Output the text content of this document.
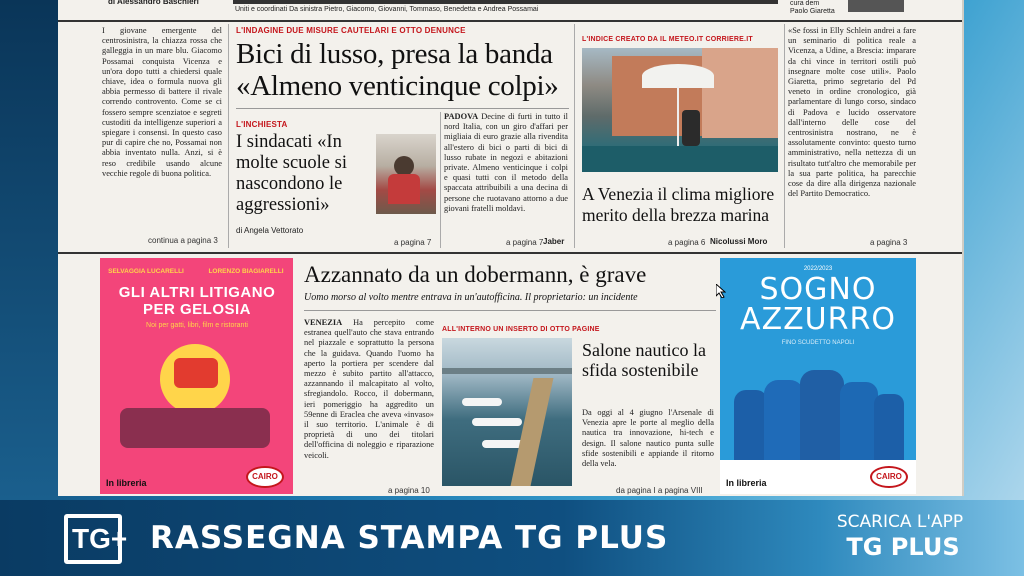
di Alessandro Baschieri
Uniti e coordinati Da sinistra Pietro, Giacomo, Giovanni, Tommaso, Benedetta e Andrea Possamai
cura dem
Paolo Giaretta
I giovane emergente del centrosinistra, la chiazza rossa che galleggia in un mare blu. Giacomo Possamai conquista Vicenza e un'ora dopo tutti a chiedersi quale chiave, idea o formula nuova gli abbia permesso di battere il rivale correndo controvento. Come se ci fossero sempre scenziatoe e segreti custoditi da intelligenze superiori a spiegare i consensi. In questo caso pur di capire che no, Possamai non abbia inventato nulla. Anzi, si è reso credibile usando alcune vecchie regole di buona politica.
continua a pagina 3
L'INDAGINE DUE MISURE CAUTELARI E OTTO DENUNCE
Bici di lusso, presa la banda
«Almeno venticinque colpi»
L'INCHIESTA
I sindacati «In molte scuole si nascondono le aggressioni»
di Angela Vettorato
a pagina 7
PADOVA Decine di furti in tutto il nord Italia, con un giro d'affari per migliaia di euro grazie alla rivendita all'estero di bici o parti di bici di lusso rubate in negozi e abitazioni private. Almeno venticinque i colpi e quasi tutti con il metodo della spaccata attribuibili a una decina di persone che ruotavano attorno a due giovani fratelli moldavi.
a pagina 7 Jaber
L'INDICE CREATO DA IL METEO.IT CORRIERE.IT
A Venezia il clima migliore merito della brezza marina
a pagina 6 Nicolussi Moro
«Se fossi in Elly Schlein andrei a fare un seminario di politica reale a Vicenza, a Udine, a Brescia: imparare da chi vince in territori ostili può insegnare molte cose utili». Paolo Giaretta, primo segretario del Pd veneto in ordine cronologico, già parlamentare di lungo corso, sindaco di Padova e lucido osservatore dall'interno delle cose del centrosinistra nostrano, ne è assolutamente convinto: questo turno amministrativo, nella nettezza di un risultato tutt'altro che memorabile per la sua parte politica, ha parecchie cose da dire alla dirigenza nazionale del Partito Democratico.
a pagina 3
SELVAGGIA LUCARELLI	LORENZO BIAGIARELLI
GLI ALTRI LITIGANO PER GELOSIA
Noi per gatti, libri, film e ristoranti
In libreria
CAIRO
Azzannato da un dobermann, è grave
Uomo morso al volto mentre entrava in un'autofficina. Il proprietario: un incidente
VENEZIA Ha percepito come estranea quell'auto che stava entrando nel piazzale e soprattutto la persona che la guidava. Quando l'uomo ha aperto la portiera per scendere dal mezzo è subito partito all'attacco, azzannando il malcapitato al volto, sfregiandolo. Rocco, il dobermann, ieri pomeriggio ha aggredito un 59enne di Eraclea che aveva «invaso» il suo territorio. L'animale è di proprietà di uno dei titolari dell'officina di noleggio e riparazione veicoli.
a pagina 10
ALL'INTERNO UN INSERTO DI OTTO PAGINE
Salone nautico la sfida sostenibile
Da oggi al 4 giugno l'Arsenale di Venezia apre le porte al meglio della nautica tra innovazione, hi-tech e design. Il salone nautico punta sulle sfide sostenibili e appiande il ritorno della vela.
da pagina I a pagina VIII
2022/2023
SOGNO
AZZURRO
FINO SCUDETTO NAPOLI
In libreria
CAIRO
TG+ RASSEGNA STAMPA TG PLUS	SCARICA L'APP
TG PLUS
